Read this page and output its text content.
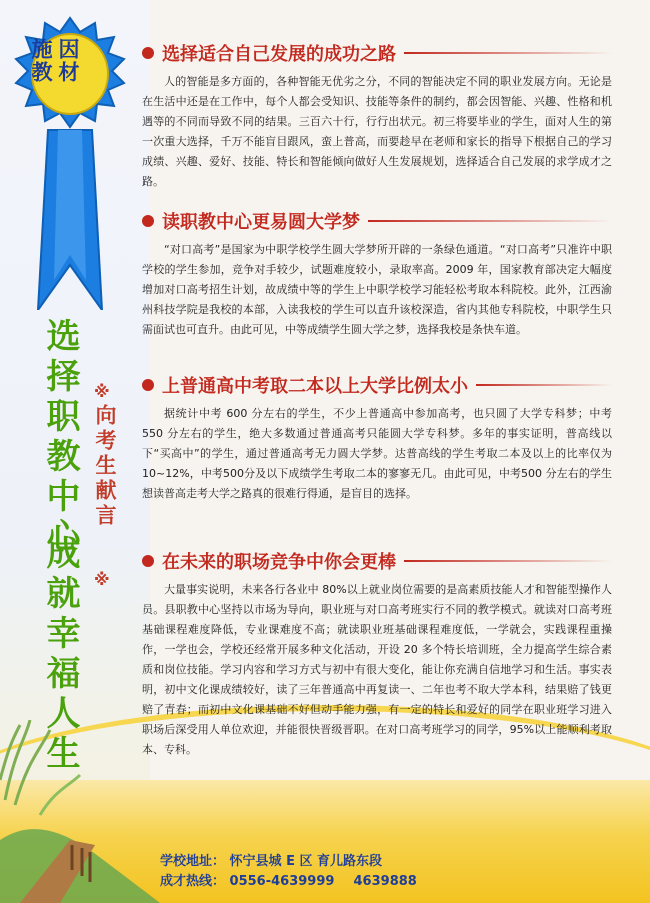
因材
施教
选择职教中心
成就幸福人生
※
向考生献言
※
选择适合自己发展的成功之路

人的智能是多方面的，各种智能无优劣之分，不同的智能决定不同的职业发展方向。无论是在生活中还是在工作中，每个人都会受知识、技能等条件的制约，都会因智能、兴趣、性格和机遇等的不同而导致不同的结果。三百六十行，行行出状元。初三将要毕业的学生，面对人生的第一次重大选择，千万不能盲目跟风，蛮上普高，而要趁早在老师和家长的指导下根据自己的学习成绩、兴趣、爱好、技能、特长和智能倾向做好人生发展规划，选择适合自己发展的求学成才之路。

读职教中心更易圆大学梦

“对口高考”是国家为中职学校学生圆大学梦所开辟的一条绿色通道。“对口高考”只准许中职学校的学生参加，竞争对手较少，试题难度较小，录取率高。2009 年，国家教育部决定大幅度增加对口高考招生计划，故成绩中等的学生上中职学校学习能轻松考取本科院校。此外，江西渝州科技学院是我校的本部，入读我校的学生可以直升该校深造，省内其他专科院校，中职学生只需面试也可直升。由此可见，中等成绩学生圆大学之梦，选择我校是条快车道。

上普通高中考取二本以上大学比例太小

据统计中考 600 分左右的学生，不少上普通高中参加高考，也只圆了大学专科梦；中考 550 分左右的学生，绝大多数通过普通高考只能圆大学专科梦。多年的事实证明，普高线以下“买高中”的学生，通过普通高考无力圆大学梦。达普高线的学生考取二本及以上的比率仅为 10~12%，中考500分及以下成绩学生考取二本的寥寥无几。由此可见，中考500 分左右的学生想读普高走考大学之路真的很难行得通，是盲目的选择。

在未来的职场竞争中你会更棒

大量事实说明，未来各行各业中 80%以上就业岗位需要的是高素质技能人才和智能型操作人员。县职教中心坚持以市场为导向，职业班与对口高考班实行不同的教学模式。就读对口高考班基础课程难度降低，专业课难度不高；就读职业班基础课程难度低，一学就会，实践课程重操作，一学也会，学校还经常开展多种文化活动，开设 20 多个特长培训班，全力提高学生综合素质和岗位技能。学习内容和学习方式与初中有很大变化，能让你充满自信地学习和生活。事实表明，初中文化课成绩较好，读了三年普通高中再复读一、二年也考不取大学本科，结果赔了钱更赔了青春；而初中文化课基础不好但动手能力强，有一定的特长和爱好的同学在职业班学习进入职场后深受用人单位欢迎，并能很快晋级晋职。在对口高考班学习的同学，95%以上能顺利考取本、专科。

学校地址： 怀宁县城 E 区 育儿路东段
成才热线： 0556-4639999 4639888
